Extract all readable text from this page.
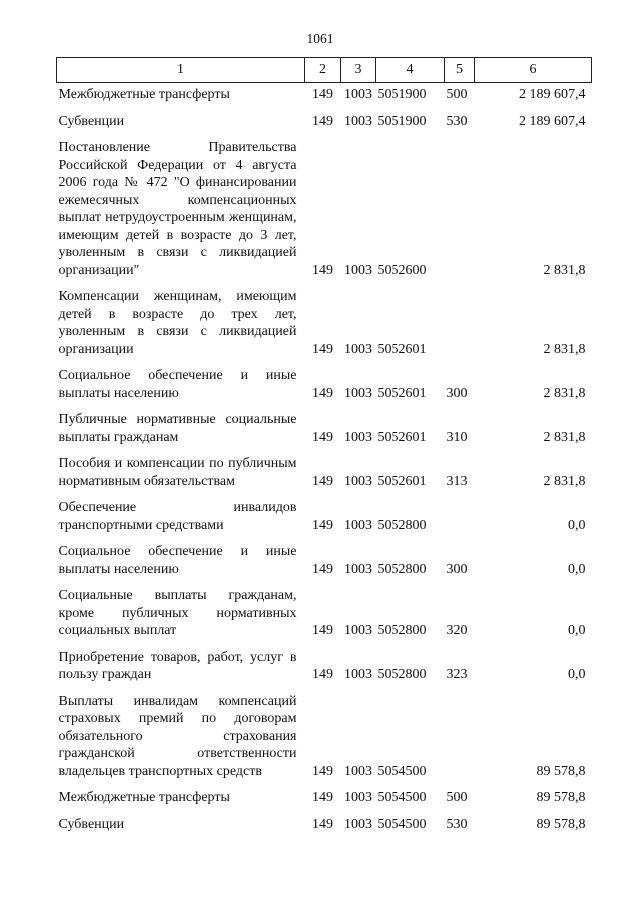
1061
1	2	3	4	5	6
Межбюджетные трансферты	149	1003	5051900	500	2 189 607,4
Субвенции	149	1003	5051900	530	2 189 607,4
Постановление Правительства Российской Федерации от 4 августа 2006 года № 472 "О финансировании ежемесячных компенсационных выплат нетрудоустроенным женщинам, имеющим детей в возрасте до 3 лет, уволенным в связи с ликвидацией организации"	149	1003	5052600		2 831,8
Компенсации женщинам, имеющим детей в возрасте до трех лет, уволенным в связи с ликвидацией организации	149	1003	5052601		2 831,8
Социальное обеспечение и иные выплаты населению	149	1003	5052601	300	2 831,8
Публичные нормативные социальные выплаты гражданам	149	1003	5052601	310	2 831,8
Пособия и компенсации по публичным нормативным обязательствам	149	1003	5052601	313	2 831,8
Обеспечение инвалидов транспортными средствами	149	1003	5052800		0,0
Социальное обеспечение и иные выплаты населению	149	1003	5052800	300	0,0
Социальные выплаты гражданам, кроме публичных нормативных социальных выплат	149	1003	5052800	320	0,0
Приобретение товаров, работ, услуг в пользу граждан	149	1003	5052800	323	0,0
Выплаты инвалидам компенсаций страховых премий по договорам обязательного страхования гражданской ответственности владельцев транспортных средств	149	1003	5054500		89 578,8
Межбюджетные трансферты	149	1003	5054500	500	89 578,8
Субвенции	149	1003	5054500	530	89 578,8
